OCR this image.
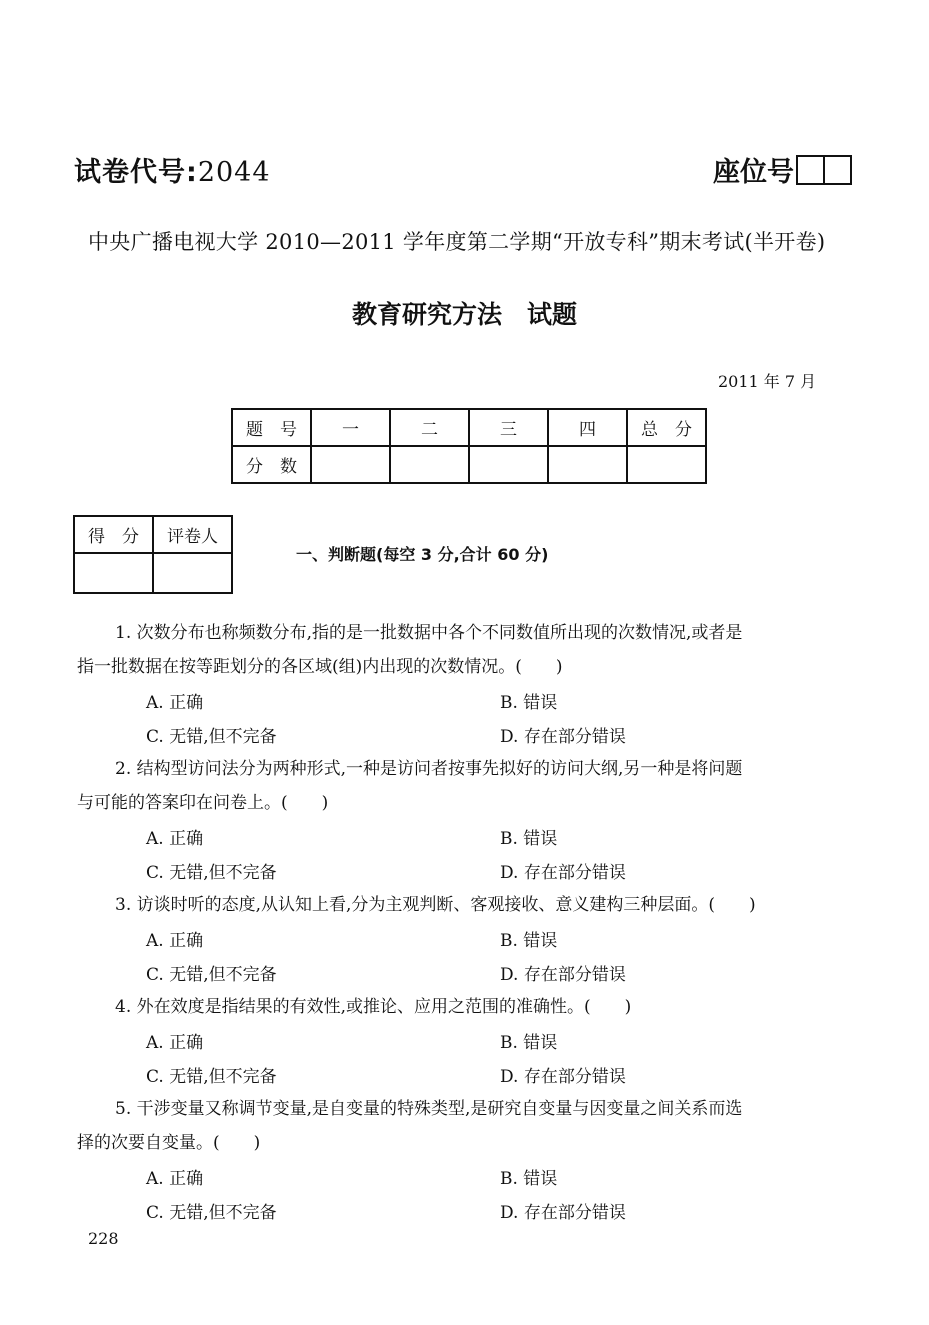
试卷代号:2044	座位号
中央广播电视大学 2010—2011 学年度第二学期“开放专科”期末考试(半开卷)
教育研究方法　试题
2011 年 7 月
题　号	一	二	三	四	总　分
分　数					
得　分	评卷人

一、判断题(每空 3 分,合计 60 分)
1. 次数分布也称频数分布,指的是一批数据中各个不同数值所出现的次数情况,或者是
指一批数据在按等距划分的各区域(组)内出现的次数情况。(　　)
A. 正确	B. 错误
C. 无错,但不完备	D. 存在部分错误
2. 结构型访问法分为两种形式,一种是访问者按事先拟好的访问大纲,另一种是将问题
与可能的答案印在问卷上。(　　)
A. 正确	B. 错误
C. 无错,但不完备	D. 存在部分错误
3. 访谈时听的态度,从认知上看,分为主观判断、客观接收、意义建构三种层面。(　　)
A. 正确	B. 错误
C. 无错,但不完备	D. 存在部分错误
4. 外在效度是指结果的有效性,或推论、应用之范围的准确性。(　　)
A. 正确	B. 错误
C. 无错,但不完备	D. 存在部分错误
5. 干涉变量又称调节变量,是自变量的特殊类型,是研究自变量与因变量之间关系而选
择的次要自变量。(　　)
A. 正确	B. 错误
C. 无错,但不完备	D. 存在部分错误
228
